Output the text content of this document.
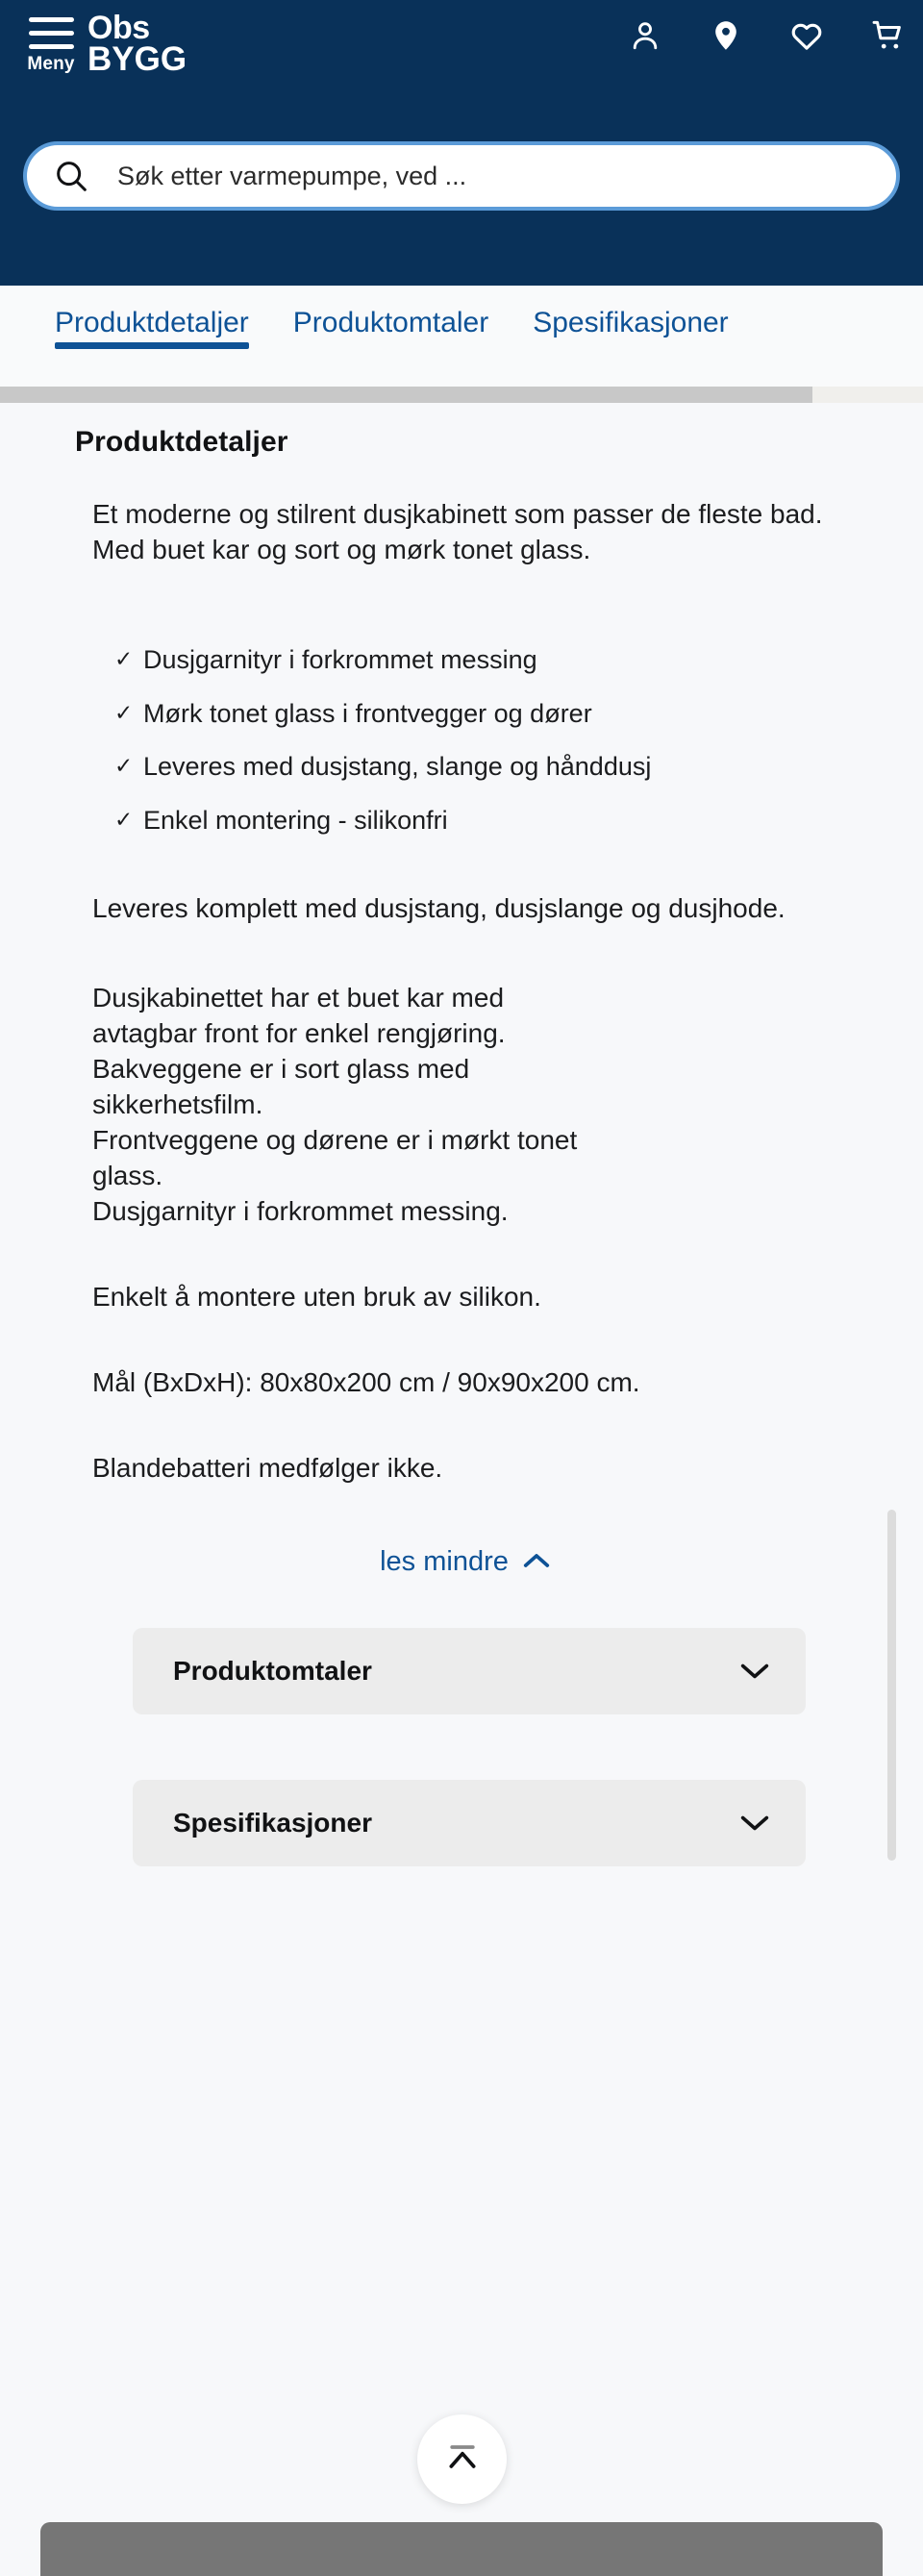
Meny
Obs
BYGG
Søk etter varmepumpe, ved ...
Produktdetaljer Produktomtaler Spesifikasjoner
Produktdetaljer

Et moderne og stilrent dusjkabinett som passer de fleste bad. Med buet kar og sort og mørk tonet glass.

✓ Dusjgarnityr i forkrommet messing
✓ Mørk tonet glass i frontvegger og dører
✓ Leveres med dusjstang, slange og hånddusj
✓ Enkel montering - silikonfri

Leveres komplett med dusjstang, dusjslange og dusjhode.

Dusjkabinettet har et buet kar med
avtagbar front for enkel rengjøring.
Bakveggene er i sort glass med
sikkerhetsfilm.
Frontveggene og dørene er i mørkt tonet
glass.
Dusjgarnityr i forkrommet messing.

Enkelt å montere uten bruk av silikon.

Mål (BxDxH): 80x80x200 cm / 90x90x200 cm.

Blandebatteri medfølger ikke.

les mindre
Produktomtaler
Spesifikasjoner
